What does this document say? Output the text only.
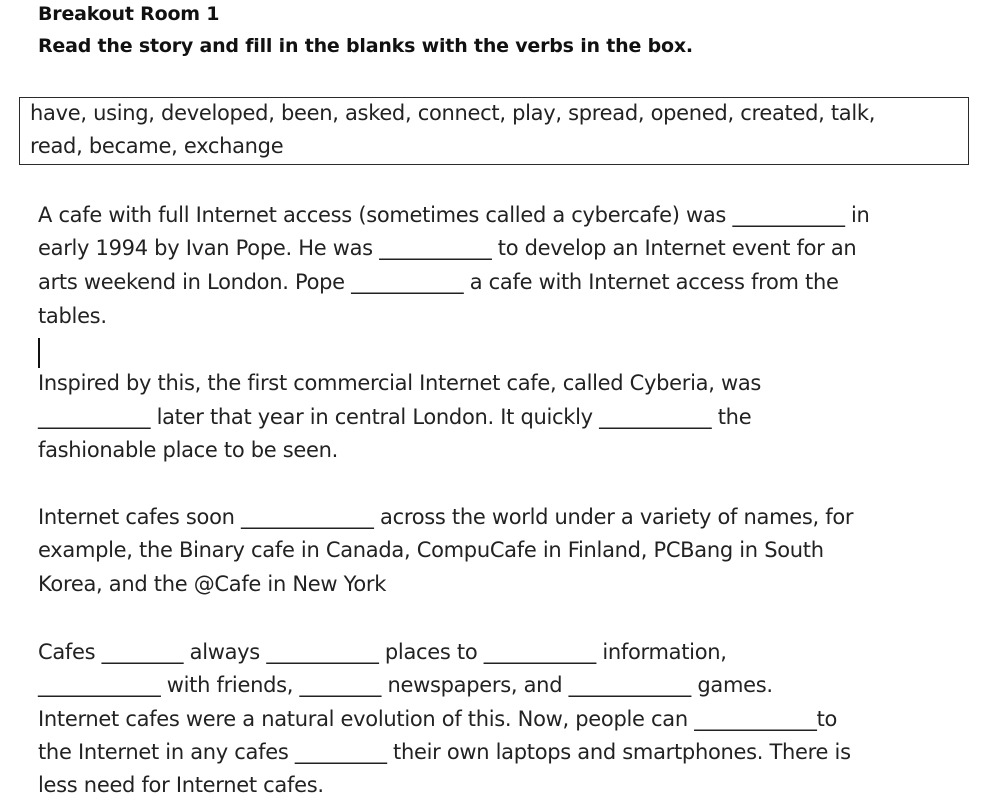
Breakout Room 1
Read the story and fill in the blanks with the verbs in the box.
have, using, developed, been, asked, connect, play, spread, opened, created, talk,
read, became, exchange
A cafe with full Internet access (sometimes called a cybercafe) was ___________ in
early 1994 by Ivan Pope. He was ___________ to develop an Internet event for an
arts weekend in London. Pope ___________ a cafe with Internet access from the
tables.
Inspired by this, the first commercial Internet cafe, called Cyberia, was
___________ later that year in central London. It quickly ___________ the
fashionable place to be seen.
Internet cafes soon _____________ across the world under a variety of names, for
example, the Binary cafe in Canada, CompuCafe in Finland, PCBang in South
Korea, and the @Cafe in New York
Cafes ________ always ___________ places to ___________ information,
____________ with friends, ________ newspapers, and ____________ games.
Internet cafes were a natural evolution of this. Now, people can ____________to
the Internet in any cafes _________ their own laptops and smartphones. There is
less need for Internet cafes.
